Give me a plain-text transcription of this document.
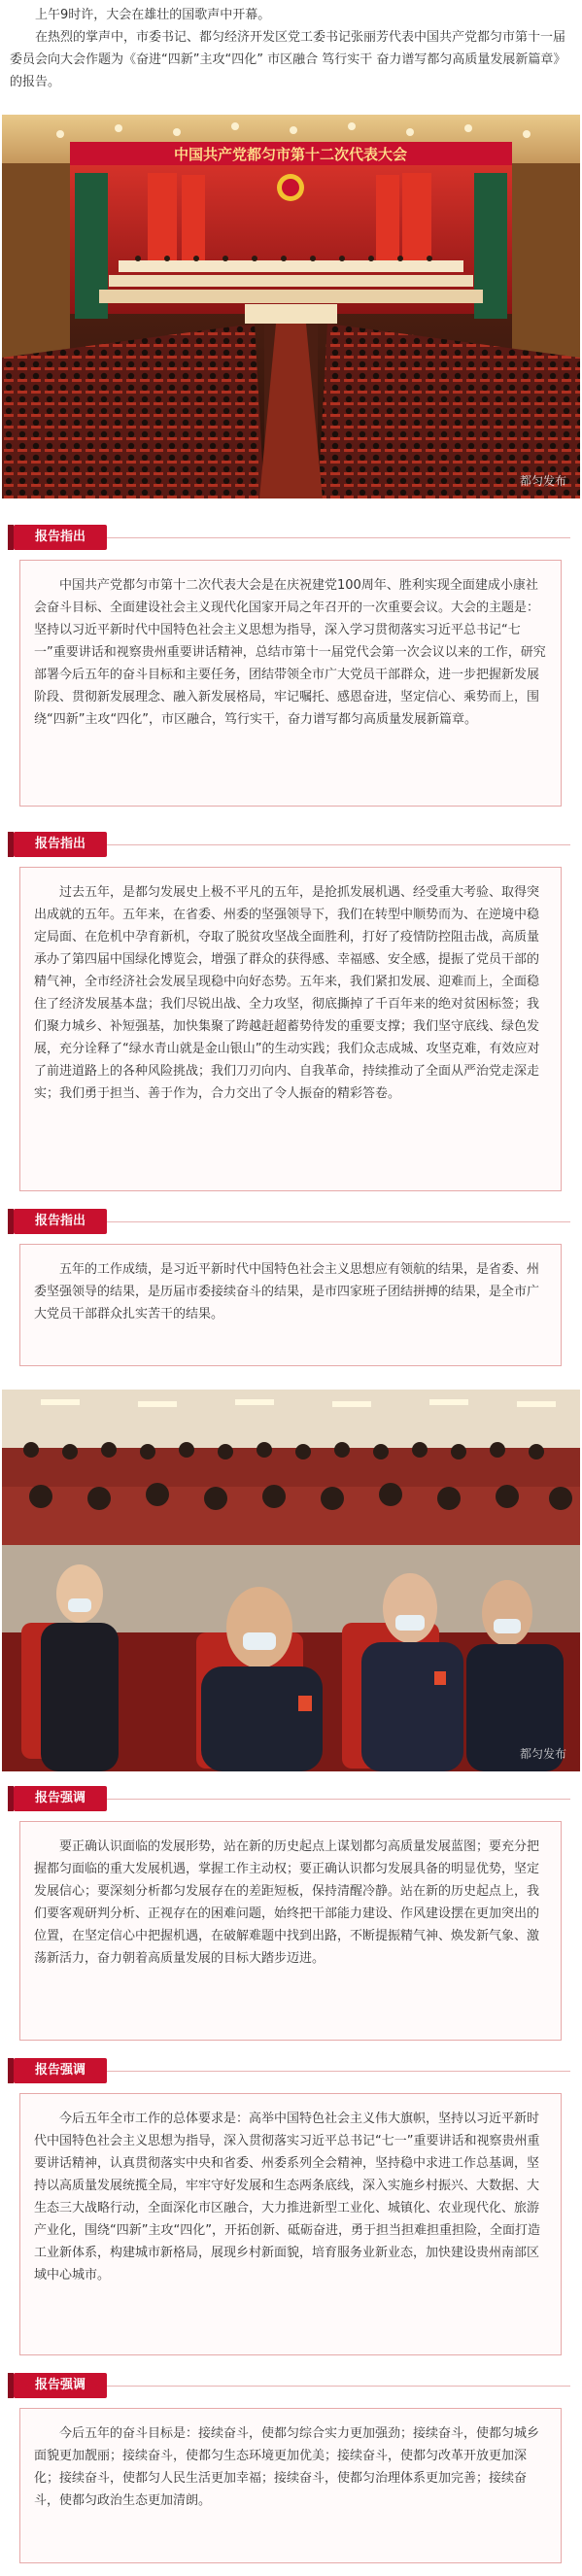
上午9时许，大会在雄壮的国歌声中开幕。

在热烈的掌声中，市委书记、都匀经济开发区党工委书记张丽芳代表中国共产党都匀市第十一届委员会向大会作题为《奋进“四新”主攻“四化” 市区融合 笃行实干 奋力谱写都匀高质量发展新篇章》的报告。

中国共产党都匀市第十二次代表大会
都匀发布
报告指出

中国共产党都匀市第十二次代表大会是在庆祝建党100周年、胜利实现全面建成小康社会奋斗目标、全面建设社会主义现代化国家开局之年召开的一次重要会议。大会的主题是：坚持以习近平新时代中国特色社会主义思想为指导，深入学习贯彻落实习近平总书记“七一”重要讲话和视察贵州重要讲话精神，总结市第十一届党代会第一次会议以来的工作，研究部署今后五年的奋斗目标和主要任务，团结带领全市广大党员干部群众，进一步把握新发展阶段、贯彻新发展理念、融入新发展格局，牢记嘱托、感恩奋进，坚定信心、乘势而上，围绕“四新”主攻“四化”，市区融合，笃行实干，奋力谱写都匀高质量发展新篇章。

报告指出

过去五年，是都匀发展史上极不平凡的五年，是抢抓发展机遇、经受重大考验、取得突出成就的五年。五年来，在省委、州委的坚强领导下，我们在转型中顺势而为、在逆境中稳定局面、在危机中孕育新机，夺取了脱贫攻坚战全面胜利，打好了疫情防控阻击战，高质量承办了第四届中国绿化博览会，增强了群众的获得感、幸福感、安全感，提振了党员干部的精气神，全市经济社会发展呈现稳中向好态势。五年来，我们紧扣发展、迎难而上，全面稳住了经济发展基本盘；我们尽锐出战、全力攻坚，彻底撕掉了千百年来的绝对贫困标签；我们聚力城乡、补短强基，加快集聚了跨越赶超蓄势待发的重要支撑；我们坚守底线、绿色发展，充分诠释了“绿水青山就是金山银山”的生动实践；我们众志成城、攻坚克难，有效应对了前进道路上的各种风险挑战；我们刀刃向内、自我革命，持续推动了全面从严治党走深走实；我们勇于担当、善于作为，合力交出了令人振奋的精彩答卷。

报告指出

五年的工作成绩，是习近平新时代中国特色社会主义思想应有领航的结果，是省委、州委坚强领导的结果，是历届市委接续奋斗的结果，是市四家班子团结拼搏的结果，是全市广大党员干部群众扎实苦干的结果。

都匀发布
报告强调

要正确认识面临的发展形势，站在新的历史起点上谋划都匀高质量发展蓝图；要充分把握都匀面临的重大发展机遇，掌握工作主动权；要正确认识都匀发展具备的明显优势，坚定发展信心；要深刻分析都匀发展存在的差距短板，保持清醒冷静。站在新的历史起点上，我们要客观研判分析、正视存在的困难问题，始终把干部能力建设、作风建设摆在更加突出的位置，在坚定信心中把握机遇，在破解难题中找到出路，不断提振精气神、焕发新气象、激荡新活力，奋力朝着高质量发展的目标大踏步迈进。

报告强调

今后五年全市工作的总体要求是：高举中国特色社会主义伟大旗帜，坚持以习近平新时代中国特色社会主义思想为指导，深入贯彻落实习近平总书记“七一”重要讲话和视察贵州重要讲话精神，认真贯彻落实中央和省委、州委系列全会精神，坚持稳中求进工作总基调，坚持以高质量发展统揽全局，牢牢守好发展和生态两条底线，深入实施乡村振兴、大数据、大生态三大战略行动，全面深化市区融合，大力推进新型工业化、城镇化、农业现代化、旅游产业化，围绕“四新”主攻“四化”，开拓创新、砥砺奋进，勇于担当担难担重担险，全面打造工业新体系，构建城市新格局，展现乡村新面貌，培育服务业新业态，加快建设贵州南部区域中心城市。

报告强调

今后五年的奋斗目标是：接续奋斗，使都匀综合实力更加强劲；接续奋斗，使都匀城乡面貌更加靓丽；接续奋斗，使都匀生态环境更加优美；接续奋斗，使都匀改革开放更加深化；接续奋斗，使都匀人民生活更加幸福；接续奋斗，使都匀治理体系更加完善；接续奋斗，使都匀政治生态更加清朗。
